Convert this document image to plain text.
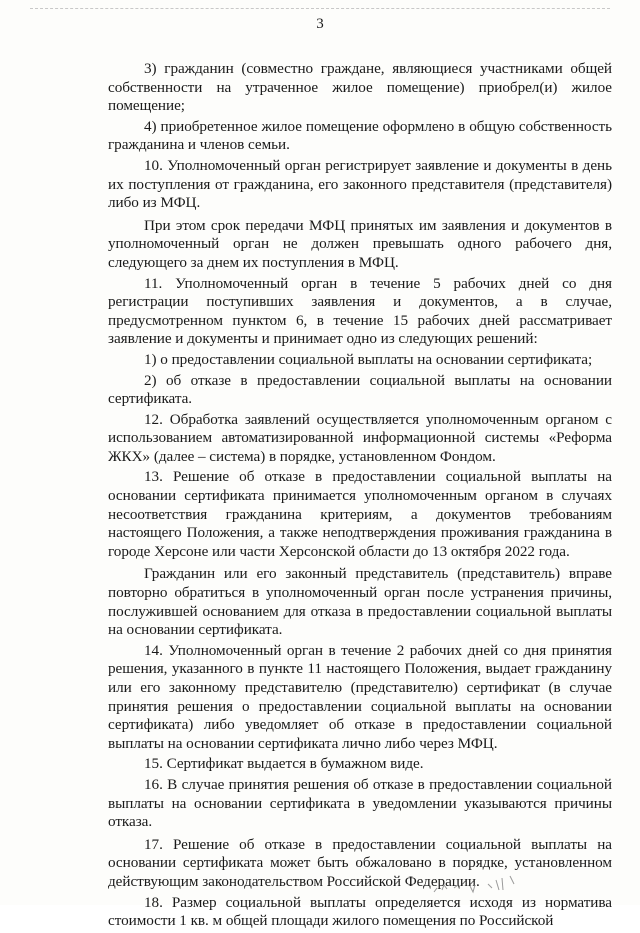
3

3) гражданин (совместно граждане, являющиеся участниками общей собственности на утраченное жилое помещение) приобрел(и) жилое помещение;

4) приобретенное жилое помещение оформлено в общую собственность гражданина и членов семьи.

10. Уполномоченный орган регистрирует заявление и документы в день их поступления от гражданина, его законного представителя (представителя) либо из МФЦ.

При этом срок передачи МФЦ принятых им заявления и документов в уполномоченный орган не должен превышать одного рабочего дня, следующего за днем их поступления в МФЦ.

11. Уполномоченный орган в течение 5 рабочих дней со дня регистрации поступивших заявления и документов, а в случае, предусмотренном пунктом 6, в течение 15 рабочих дней рассматривает заявление и документы и принимает одно из следующих решений:

1) о предоставлении социальной выплаты на основании сертификата;

2) об отказе в предоставлении социальной выплаты на основании сертификата.

12. Обработка заявлений осуществляется уполномоченным органом с использованием автоматизированной информационной системы «Реформа ЖКХ» (далее – система) в порядке, установленном Фондом.

13. Решение об отказе в предоставлении социальной выплаты на основании сертификата принимается уполномоченным органом в случаях несоответствия гражданина критериям, а документов требованиям настоящего Положения, а также неподтверждения проживания гражданина в городе Херсоне или части Херсонской области до 13 октября 2022 года.

Гражданин или его законный представитель (представитель) вправе повторно обратиться в уполномоченный орган после устранения причины, послужившей основанием для отказа в предоставлении социальной выплаты на основании сертификата.

14. Уполномоченный орган в течение 2 рабочих дней со дня принятия решения, указанного в пункте 11 настоящего Положения, выдает гражданину или его законному представителю (представителю) сертификат (в случае принятия решения о предоставлении социальной выплаты на основании сертификата) либо уведомляет об отказе в предоставлении социальной выплаты на основании сертификата лично либо через МФЦ.

15. Сертификат выдается в бумажном виде.

16. В случае принятия решения об отказе в предоставлении социальной выплаты на основании сертификата в уведомлении указываются причины отказа.

17. Решение об отказе в предоставлении социальной выплаты на основании сертификата может быть обжаловано в порядке, установленном действующим законодательством Российской Федерации.

18. Размер социальной выплаты определяется исходя из норматива стоимости 1 кв. м общей площади жилого помещения по Российской
